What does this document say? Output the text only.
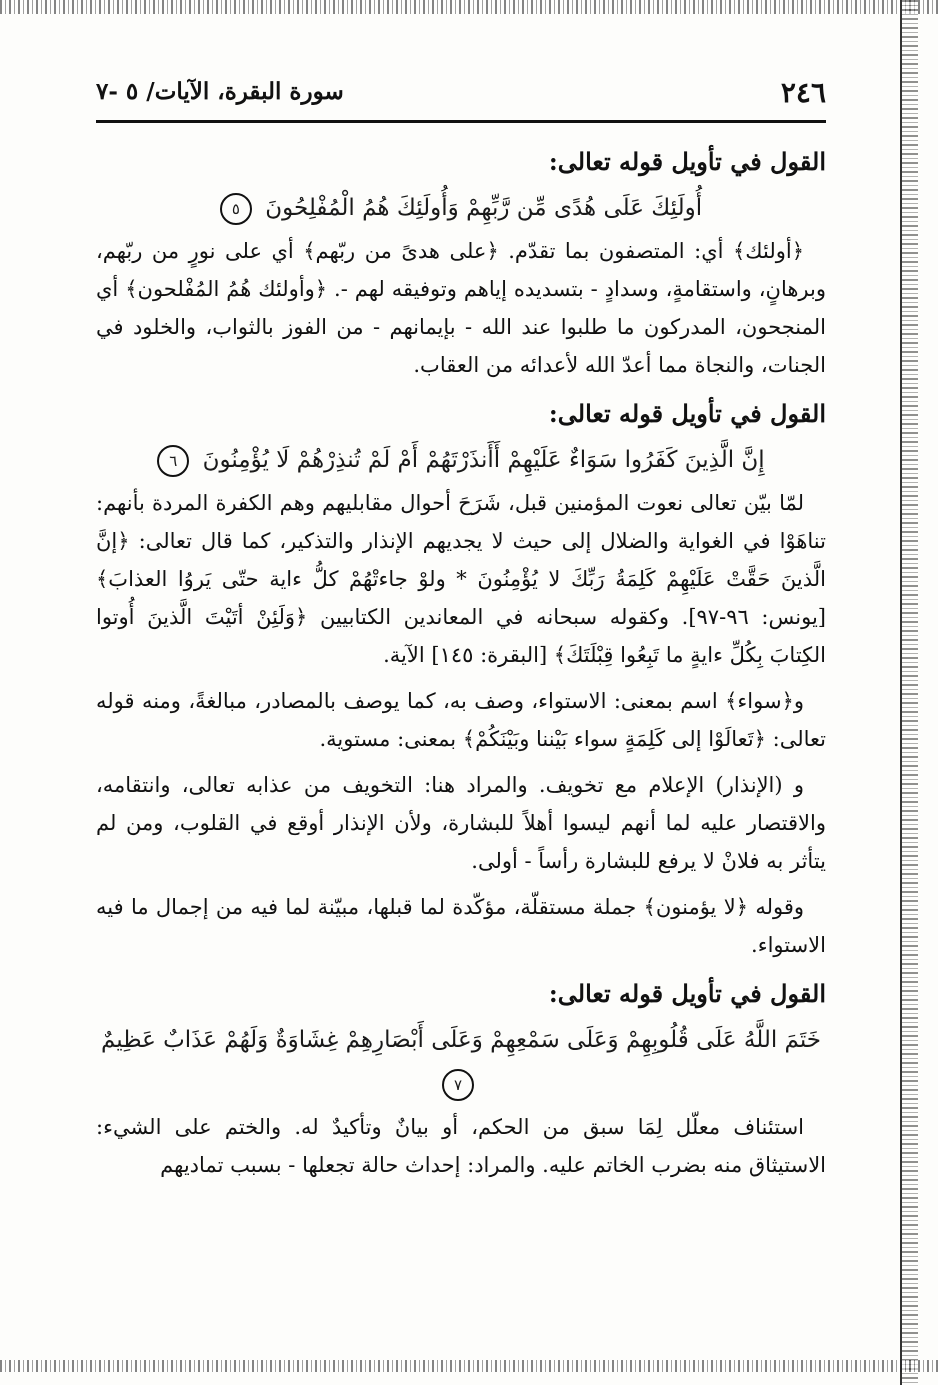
٢٤٦
سورة البقرة، الآيات/ ٥ -٧
القول في تأويل قوله تعالى:
أُولَئِكَ عَلَى هُدًى مِّن رَّبِّهِمْ وَأُولَئِكَ هُمُ الْمُفْلِحُونَ ٥

﴿أولئك﴾ أي: المتصفون بما تقدّم. ﴿على هدىً من ربّهم﴾ أي على نورٍ من ربّهم، وبرهانٍ، واستقامةٍ، وسدادٍ - بتسديده إياهم وتوفيقه لهم -. ﴿وأولئك هُمُ المُفْلحون﴾ أي المنجحون، المدركون ما طلبوا عند الله - بإيمانهم - من الفوز بالثواب، والخلود في الجنات، والنجاة مما أعدّ الله لأعدائه من العقاب.

القول في تأويل قوله تعالى:
إِنَّ الَّذِينَ كَفَرُوا سَوَاءٌ عَلَيْهِمْ أَأَنذَرْتَهُمْ أَمْ لَمْ تُنذِرْهُمْ لَا يُؤْمِنُونَ ٦

لمّا بيّن تعالى نعوت المؤمنين قبل، شَرَحَ أحوال مقابليهم وهم الكفرة المردة بأنهم: تناهَوْا في الغواية والضلال إلى حيث لا يجديهم الإنذار والتذكير، كما قال تعالى: ﴿إنَّ الَّذينَ حَقَّتْ عَلَيْهِمْ كَلِمَةُ رَبِّكَ لا يُؤْمِنُونَ * ولوْ جاءتْهُمْ كلُّ ءاية حتّى يَروُا العذابَ﴾ [يونس: ٩٦-٩٧]. وكقوله سبحانه في المعاندين الكتابيين ﴿وَلَئِنْ أتَيْتَ الَّذينَ أُوتوا الكِتابَ بِكُلِّ ءايةٍ ما تَبِعُوا قِبْلَتَكَ﴾ [البقرة: ١٤٥] الآية.

و﴿سواء﴾ اسم بمعنى: الاستواء، وصف به، كما يوصف بالمصادر، مبالغةً، ومنه قوله تعالى: ﴿تَعالَوْا إلى كَلِمَةٍ سواء بَيْننا وبَيْنَكُمْ﴾ بمعنى: مستوية.

و (الإنذار) الإعلام مع تخويف. والمراد هنا: التخويف من عذابه تعالى، وانتقامه، والاقتصار عليه لما أنهم ليسوا أهلاً للبشارة، ولأن الإنذار أوقع في القلوب، ومن لم يتأثر به فلانْ لا يرفع للبشارة رأساً - أولى.

وقوله ﴿لا يؤمنون﴾ جملة مستقلّة، مؤكّدة لما قبلها، مبيّنة لما فيه من إجمال ما فيه الاستواء.

القول في تأويل قوله تعالى:
خَتَمَ اللَّهُ عَلَى قُلُوبِهِمْ وَعَلَى سَمْعِهِمْ وَعَلَى أَبْصَارِهِمْ غِشَاوَةٌ وَلَهُمْ عَذَابٌ عَظِيمٌ ٧

استئناف معلّل لِمَا سبق من الحكم، أو بيانٌ وتأكيدٌ له. والختم على الشيء: الاستيثاق منه بضرب الخاتم عليه. والمراد: إحداث حالة تجعلها - بسبب تماديهم
